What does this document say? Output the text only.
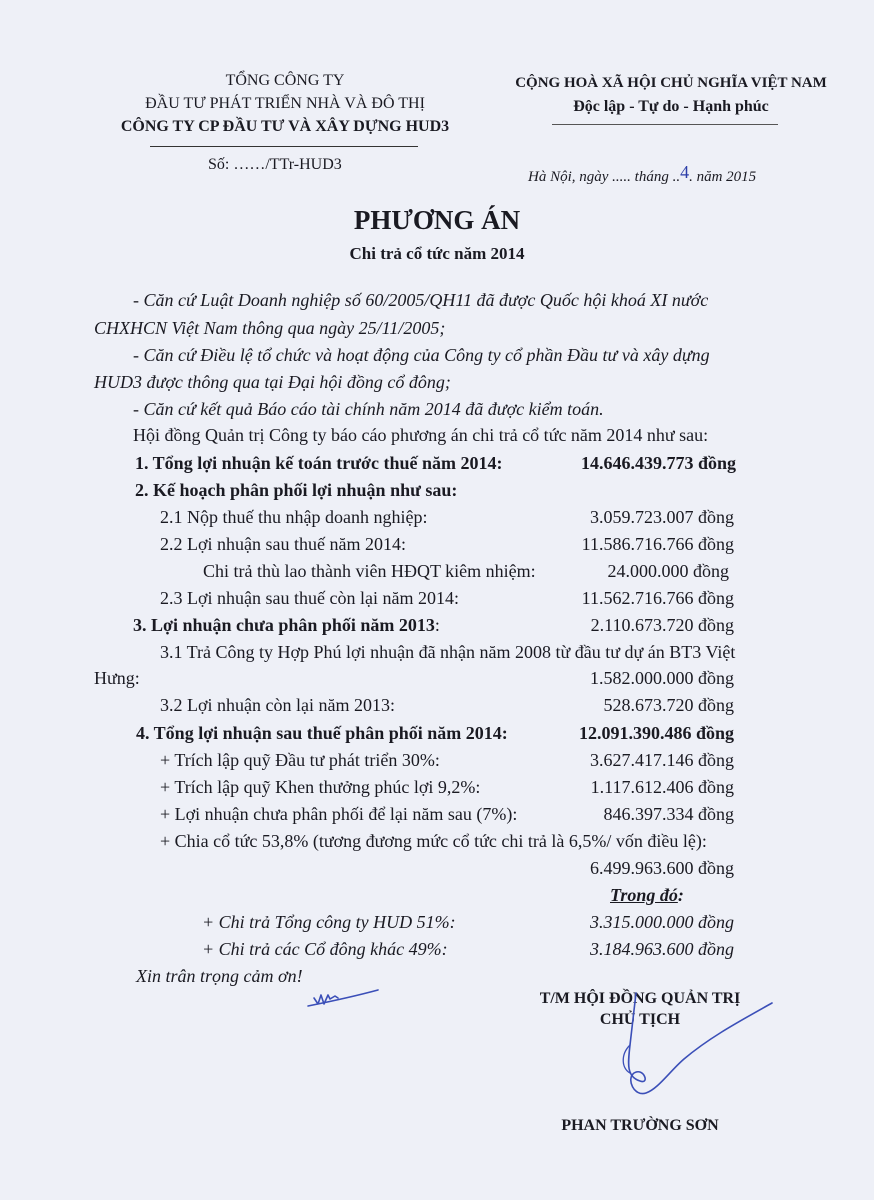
TỔNG CÔNG TY
ĐẦU TƯ PHÁT TRIỂN NHÀ VÀ ĐÔ THỊ
CÔNG TY CP ĐẦU TƯ VÀ XÂY DỰNG HUD3
Số: ……/TTr-HUD3
CỘNG HOÀ XÃ HỘI CHỦ NGHĨA VIỆT NAM
Độc lập - Tự do - Hạnh phúc
Hà Nội, ngày ..... tháng ..4. năm 2015
PHƯƠNG ÁN
Chi trả cổ tức năm 2014
- Căn cứ Luật Doanh nghiệp số 60/2005/QH11 đã được Quốc hội khoá XI nước
CHXHCN Việt Nam thông qua ngày 25/11/2005;
- Căn cứ Điều lệ tổ chức và hoạt động của Công ty cổ phần Đầu tư và xây dựng
HUD3 được thông qua tại Đại hội đồng cổ đông;
- Căn cứ kết quả Báo cáo tài chính năm 2014 đã được kiểm toán.
Hội đồng Quản trị Công ty báo cáo phương án chi trả cổ tức năm 2014 như sau:
1. Tổng lợi nhuận kế toán trước thuế năm 2014:	14.646.439.773 đồng
2. Kế hoạch phân phối lợi nhuận như sau:
2.1 Nộp thuế thu nhập doanh nghiệp:	3.059.723.007 đồng
2.2 Lợi nhuận sau thuế năm 2014:	11.586.716.766 đồng
Chi trả thù lao thành viên HĐQT kiêm nhiệm:	24.000.000 đồng
2.3 Lợi nhuận sau thuế còn lại năm 2014:	11.562.716.766 đồng
3. Lợi nhuận chưa phân phối năm 2013:	2.110.673.720 đồng
3.1 Trả Công ty Hợp Phú lợi nhuận đã nhận năm 2008 từ đầu tư dự án BT3 Việt
Hưng:	1.582.000.000 đồng
3.2 Lợi nhuận còn lại năm 2013:	528.673.720 đồng
4. Tổng lợi nhuận sau thuế phân phối năm 2014:	12.091.390.486 đồng
+ Trích lập quỹ Đầu tư phát triển 30%:	3.627.417.146 đồng
+ Trích lập quỹ Khen thưởng phúc lợi 9,2%:	1.117.612.406 đồng
+ Lợi nhuận chưa phân phối để lại năm sau (7%):	846.397.334 đồng
+ Chia cổ tức 53,8% (tương đương mức cổ tức chi trả là 6,5%/ vốn điều lệ):
6.499.963.600 đồng
Trong đó:
+ Chi trả Tổng công ty HUD 51%:	3.315.000.000 đồng
+ Chi trả các Cổ đông khác 49%:	3.184.963.600 đồng
Xin trân trọng cảm ơn!
T/M HỘI ĐỒNG QUẢN TRỊ
CHỦ TỊCH
PHAN TRƯỜNG SƠN
